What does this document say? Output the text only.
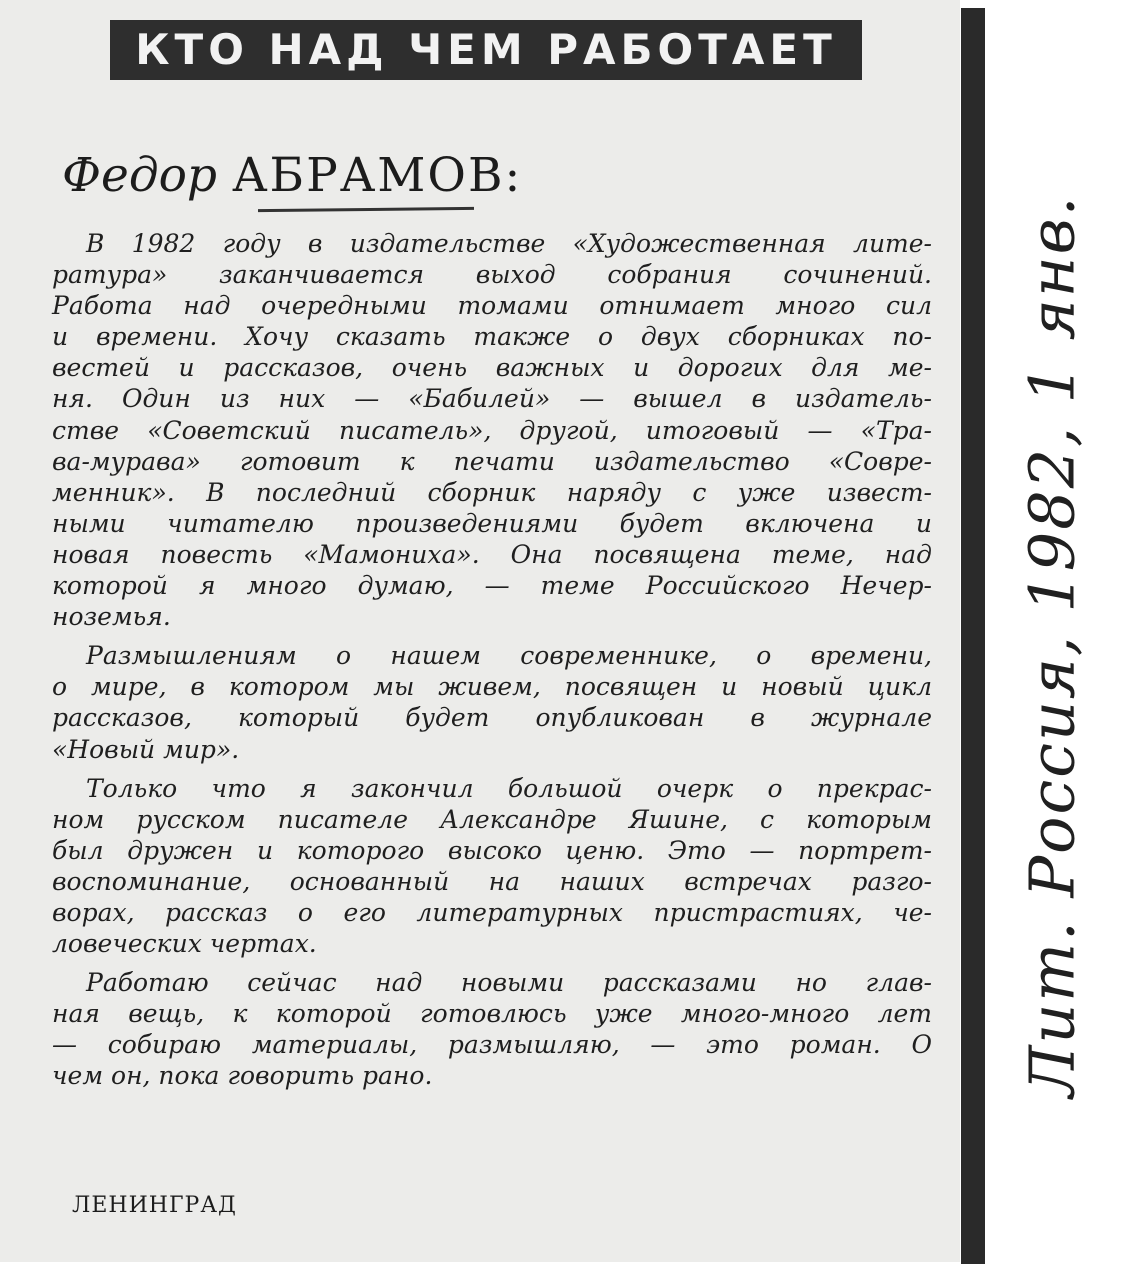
КТО НАД ЧЕМ РАБОТАЕТ
Федор АБРАМОВ:
В 1982 году в издательстве «Художественная лите-
ратура» заканчивается выход собрания сочинений.
Работа над очередными томами отнимает много сил
и времени. Хочу сказать также о двух сборниках по-
вестей и рассказов, очень важных и дорогих для ме-
ня. Один из них — «Бабилей» — вышел в издатель-
стве «Советский писатель», другой, итоговый — «Тра-
ва-мурава» готовит к печати издательство «Совре-
менник». В последний сборник наряду с уже извест-
ными читателю произведениями будет включена и
новая повесть «Мамониха». Она посвящена теме, над
которой я много думаю, — теме Российского Нечер-
ноземья.
Размышлениям о нашем современнике, о времени,
о мире, в котором мы живем, посвящен и новый цикл
рассказов, который будет опубликован в журнале
«Новый мир».
Только что я закончил большой очерк о прекрас-
ном русском писателе Александре Яшине, с которым
был дружен и которого высоко ценю. Это — портрет-
воспоминание, основанный на наших встречах разго-
ворах, рассказ о его литературных пристрастиях, че-
ловеческих чертах.
Работаю сейчас над новыми рассказами но глав-
ная вещь, к которой готовлюсь уже много-много лет
— собираю материалы, размышляю, — это роман. О
чем он, пока говорить рано.
ЛЕНИНГРАД
Лит. Россия, 1982, 1 янв.
